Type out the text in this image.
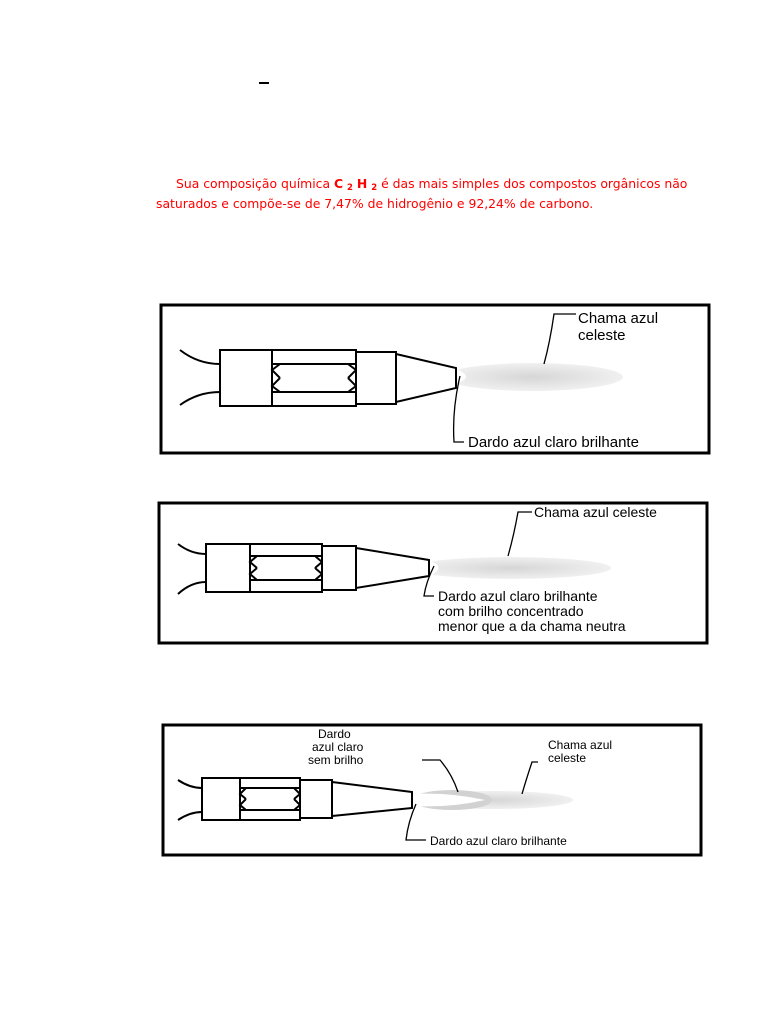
Sua composição química C $_2$ H $_2$ é das mais simples dos compostos orgânicos não
saturados e compõe-se de 7,47% de hidrogênio e 92,24% de carbono.
Chama azul
celeste
Dardo azul claro brilhante
Chama azul celeste
Dardo azul claro brilhante
com brilho concentrado
menor que a da chama neutra
Dardo
azul claro
sem brilho
Chama azul
celeste
Dardo azul claro brilhante
